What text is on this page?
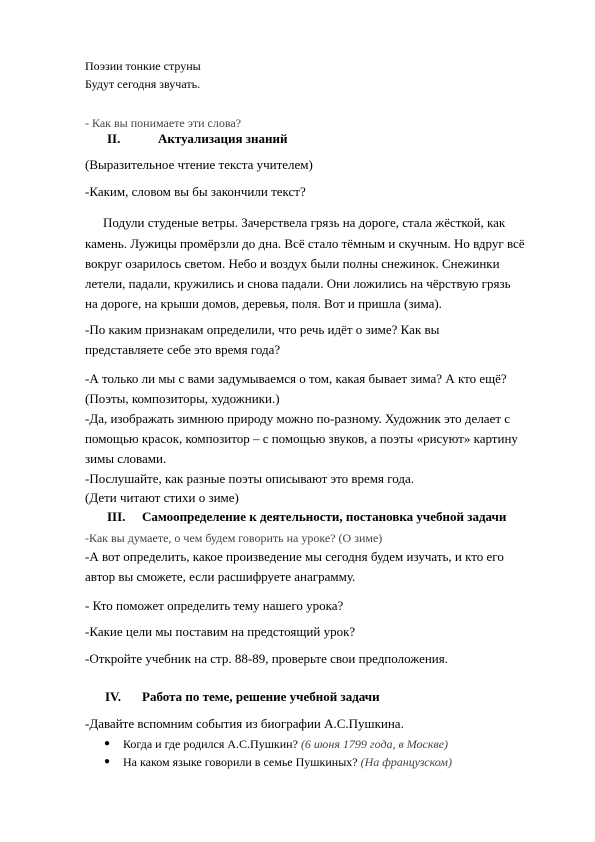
Поэзии тонкие струны
Будут сегодня звучать.
- Как вы понимаете эти слова?
II.	Актуализация знаний
(Выразительное чтение текста учителем)
-Каким, словом вы бы закончили текст?
Подули студеные ветры. Зачерствела грязь на дороге, стала жёсткой, как
камень. Лужицы промёрзли до дна. Всё стало тёмным и скучным. Но вдруг всё
вокруг озарилось светом. Небо и воздух были полны снежинок. Снежинки
летели, падали, кружились и снова падали. Они ложились на чёрствую грязь
на дороге, на крыши домов, деревья, поля. Вот и пришла (зима).
-По каким признакам определили, что речь идёт о зиме? Как вы
представляете себе это время года?
-А только ли мы с вами задумываемся о том, какая бывает зима? А кто ещё?
(Поэты, композиторы, художники.)
-Да, изображать зимнюю природу можно по-разному. Художник это делает с
помощью красок, композитор – с помощью звуков, а поэты «рисуют» картину
зимы словами.
-Послушайте, как разные поэты описывают это время года.
(Дети читают стихи о зиме)
III. Самоопределение к деятельности, постановка учебной задачи
-Как вы думаете, о чем будем говорить на уроке? (О зиме)
-А вот определить, какое произведение мы сегодня будем изучать, и кто его
автор вы сможете, если расшифруете анаграмму.
- Кто поможет определить тему нашего урока?
-Какие цели мы поставим на предстоящий урок?
-Откройте учебник на стр. 88-89, проверьте свои предположения.
IV. Работа по теме, решение учебной задачи
-Давайте вспомним события из биографии А.С.Пушкина.
● Когда и где родился А.С.Пушкин? (6 июня 1799 года, в Москве)
● На каком языке говорили в семье Пушкиных? (На французском)
